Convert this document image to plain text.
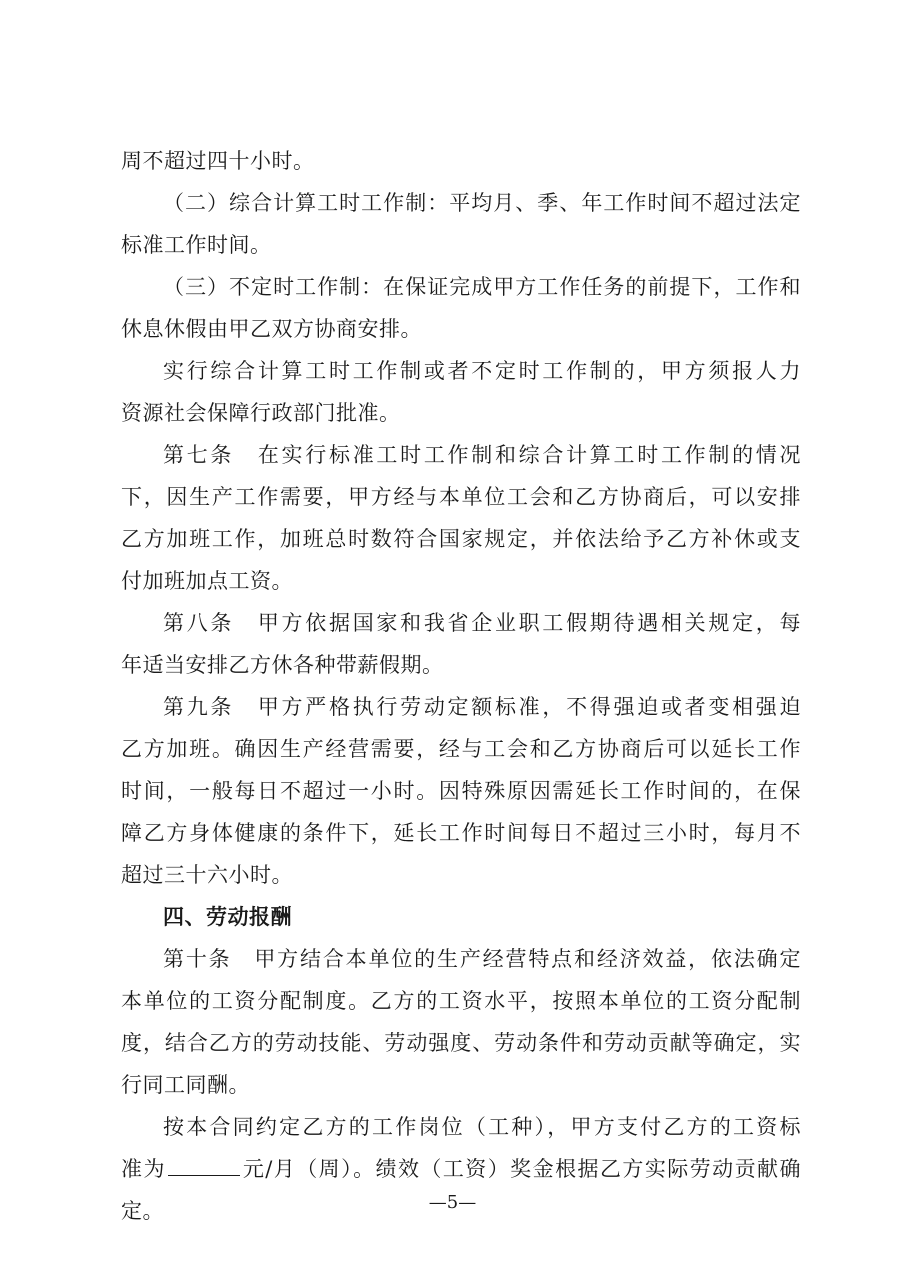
周不超过四十小时。
（二）综合计算工时工作制：平均月、季、年工作时间不超过法定
标准工作时间。
（三）不定时工作制：在保证完成甲方工作任务的前提下，工作和
休息休假由甲乙双方协商安排。
实行综合计算工时工作制或者不定时工作制的，甲方须报人力
资源社会保障行政部门批准。
第七条　在实行标准工时工作制和综合计算工时工作制的情况
下，因生产工作需要，甲方经与本单位工会和乙方协商后，可以安排
乙方加班工作，加班总时数符合国家规定，并依法给予乙方补休或支
付加班加点工资。
第八条　甲方依据国家和我省企业职工假期待遇相关规定，每
年适当安排乙方休各种带薪假期。
第九条　甲方严格执行劳动定额标准，不得强迫或者变相强迫
乙方加班。确因生产经营需要，经与工会和乙方协商后可以延长工作
时间，一般每日不超过一小时。因特殊原因需延长工作时间的，在保
障乙方身体健康的条件下，延长工作时间每日不超过三小时，每月不
超过三十六小时。
四、劳动报酬
第十条　甲方结合本单位的生产经营特点和经济效益，依法确定
本单位的工资分配制度。乙方的工资水平，按照本单位的工资分配制
度，结合乙方的劳动技能、劳动强度、劳动条件和劳动贡献等确定，实
行同工同酬。
按本合同约定乙方的工作岗位（工种），甲方支付乙方的工资标
准为	元/月（周）。绩效（工资）奖金根据乙方实际劳动贡献确
定。	—5—
